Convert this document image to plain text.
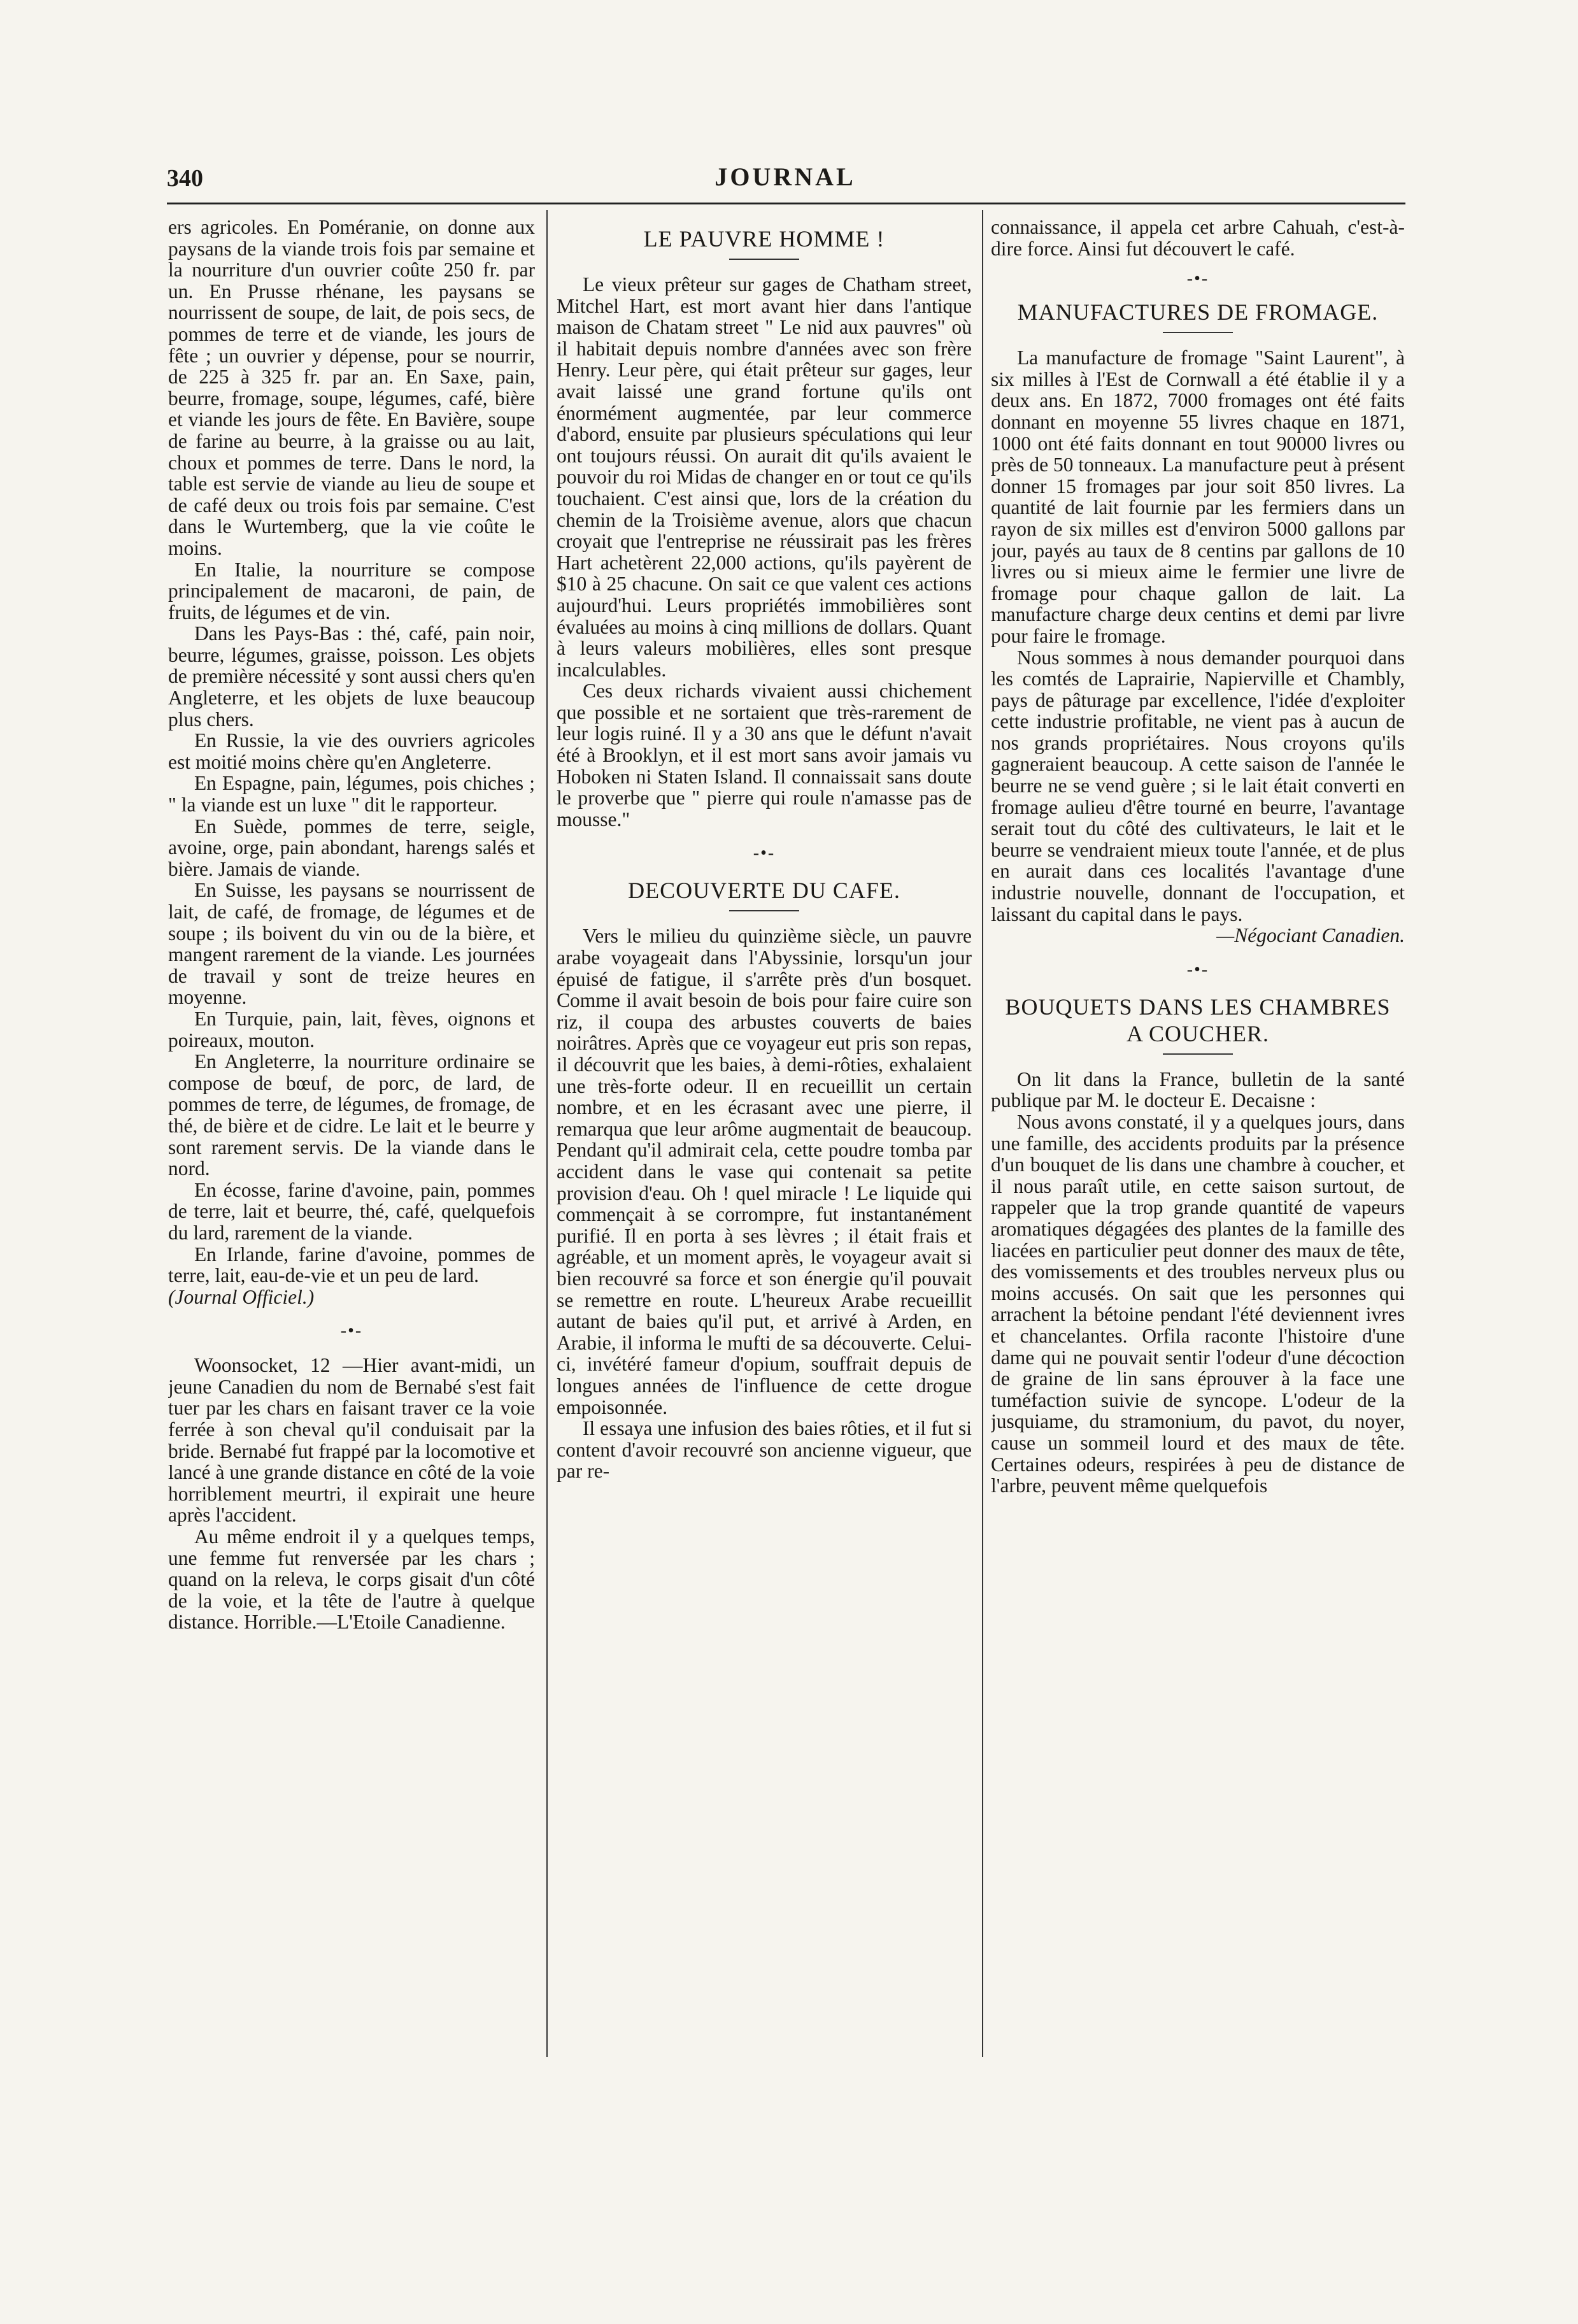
340	JOURNAL

ers agricoles. En Poméranie, on donne aux paysans de la viande trois fois par semaine et la nourriture d'un ouvrier coûte 250 fr. par un. En Prusse rhénane, les paysans se nourrissent de soupe, de lait, de pois secs, de pommes de terre et de viande, les jours de fête ; un ouvrier y dépense, pour se nourrir, de 225 à 325 fr. par an. En Saxe, pain, beurre, fromage, soupe, légumes, café, bière et viande les jours de fête. En Bavière, soupe de farine au beurre, à la graisse ou au lait, choux et pommes de terre. Dans le nord, la table est servie de viande au lieu de soupe et de café deux ou trois fois par semaine. C'est dans le Wurtemberg, que la vie coûte le moins.

En Italie, la nourriture se compose principalement de macaroni, de pain, de fruits, de légumes et de vin.

Dans les Pays-Bas : thé, café, pain noir, beurre, légumes, graisse, poisson. Les objets de première nécessité y sont aussi chers qu'en Angleterre, et les objets de luxe beaucoup plus chers.

En Russie, la vie des ouvriers agricoles est moitié moins chère qu'en Angleterre.

En Espagne, pain, légumes, pois chiches ; " la viande est un luxe " dit le rapporteur.

En Suède, pommes de terre, seigle, avoine, orge, pain abondant, harengs salés et bière. Jamais de viande.

En Suisse, les paysans se nourrissent de lait, de café, de fromage, de légumes et de soupe ; ils boivent du vin ou de la bière, et mangent rarement de la viande. Les journées de travail y sont de treize heures en moyenne.

En Turquie, pain, lait, fèves, oignons et poireaux, mouton.

En Angleterre, la nourriture ordinaire se compose de bœuf, de porc, de lard, de pommes de terre, de légumes, de fromage, de thé, de bière et de cidre. Le lait et le beurre y sont rarement servis. De la viande dans le nord.

En écosse, farine d'avoine, pain, pommes de terre, lait et beurre, thé, café, quelquefois du lard, rarement de la viande.

En Irlande, farine d'avoine, pommes de terre, lait, eau-de-vie et un peu de lard.

(Journal Officiel.)

-•-

Woonsocket, 12 —Hier avant-midi, un jeune Canadien du nom de Bernabé s'est fait tuer par les chars en faisant traver ce la voie ferrée à son cheval qu'il conduisait par la bride. Bernabé fut frappé par la locomotive et lancé à une grande distance en côté de la voie horriblement meurtri, il expirait une heure après l'accident.

Au même endroit il y a quelques temps, une femme fut renversée par les chars ; quand on la releva, le corps gisait d'un côté de la voie, et la tête de l'autre à quelque distance. Horrible.—L'Etoile Canadienne.

LE PAUVRE HOMME !

Le vieux prêteur sur gages de Chatham street, Mitchel Hart, est mort avant hier dans l'antique maison de Chatam street " Le nid aux pauvres" où il habitait depuis nombre d'années avec son frère Henry. Leur père, qui était prêteur sur gages, leur avait laissé une grand fortune qu'ils ont énormément augmentée, par leur commerce d'abord, ensuite par plusieurs spéculations qui leur ont toujours réussi. On aurait dit qu'ils avaient le pouvoir du roi Midas de changer en or tout ce qu'ils touchaient. C'est ainsi que, lors de la création du chemin de la Troisième avenue, alors que chacun croyait que l'entreprise ne réussirait pas les frères Hart achetèrent 22,000 actions, qu'ils payèrent de $10 à 25 chacune. On sait ce que valent ces actions aujourd'hui. Leurs propriétés immobilières sont évaluées au moins à cinq millions de dollars. Quant à leurs valeurs mobilières, elles sont presque incalculables.

Ces deux richards vivaient aussi chichement que possible et ne sortaient que très-rarement de leur logis ruiné. Il y a 30 ans que le défunt n'avait été à Brooklyn, et il est mort sans avoir jamais vu Hoboken ni Staten Island. Il connaissait sans doute le proverbe que " pierre qui roule n'amasse pas de mousse."

-•-
DECOUVERTE DU CAFE.

Vers le milieu du quinzième siècle, un pauvre arabe voyageait dans l'Abyssinie, lorsqu'un jour épuisé de fatigue, il s'arrête près d'un bosquet. Comme il avait besoin de bois pour faire cuire son riz, il coupa des arbustes couverts de baies noirâtres. Après que ce voyageur eut pris son repas, il découvrit que les baies, à demi-rôties, exhalaient une très-forte odeur. Il en recueillit un certain nombre, et en les écrasant avec une pierre, il remarqua que leur arôme augmentait de beaucoup. Pendant qu'il admirait cela, cette poudre tomba par accident dans le vase qui contenait sa petite provision d'eau. Oh ! quel miracle ! Le liquide qui commençait à se corrompre, fut instantanément purifié. Il en porta à ses lèvres ; il était frais et agréable, et un moment après, le voyageur avait si bien recouvré sa force et son énergie qu'il pouvait se remettre en route. L'heureux Arabe recueillit autant de baies qu'il put, et arrivé à Arden, en Arabie, il informa le mufti de sa découverte. Celui-ci, invétéré fameur d'opium, souffrait depuis de longues années de l'influence de cette drogue empoisonnée.

Il essaya une infusion des baies rôties, et il fut si content d'avoir recouvré son ancienne vigueur, que par re-

connaissance, il appela cet arbre Cahuah, c'est-à-dire force. Ainsi fut découvert le café.

-•-
MANUFACTURES DE FROMAGE.

La manufacture de fromage "Saint Laurent", à six milles à l'Est de Cornwall a été établie il y a deux ans. En 1872, 7000 fromages ont été faits donnant en moyenne 55 livres chaque en 1871, 1000 ont été faits donnant en tout 90000 livres ou près de 50 tonneaux. La manufacture peut à présent donner 15 fromages par jour soit 850 livres. La quantité de lait fournie par les fermiers dans un rayon de six milles est d'environ 5000 gallons par jour, payés au taux de 8 centins par gallons de 10 livres ou si mieux aime le fermier une livre de fromage pour chaque gallon de lait. La manufacture charge deux centins et demi par livre pour faire le fromage.

Nous sommes à nous demander pourquoi dans les comtés de Laprairie, Napierville et Chambly, pays de pâturage par excellence, l'idée d'exploiter cette industrie profitable, ne vient pas à aucun de nos grands propriétaires. Nous croyons qu'ils gagneraient beaucoup. A cette saison de l'année le beurre ne se vend guère ; si le lait était converti en fromage aulieu d'être tourné en beurre, l'avantage serait tout du côté des cultivateurs, le lait et le beurre se vendraient mieux toute l'année, et de plus en aurait dans ces localités l'avantage d'une industrie nouvelle, donnant de l'occupation, et laissant du capital dans le pays.

—Négociant Canadien.

-•-
BOUQUETS DANS LES CHAMBRES
A COUCHER.

On lit dans la France, bulletin de la santé publique par M. le docteur E. Decaisne :

Nous avons constaté, il y a quelques jours, dans une famille, des accidents produits par la présence d'un bouquet de lis dans une chambre à coucher, et il nous paraît utile, en cette saison surtout, de rappeler que la trop grande quantité de vapeurs aromatiques dégagées des plantes de la famille des liacées en particulier peut donner des maux de tête, des vomissements et des troubles nerveux plus ou moins accusés. On sait que les personnes qui arrachent la bétoine pendant l'été deviennent ivres et chancelantes. Orfila raconte l'histoire d'une dame qui ne pouvait sentir l'odeur d'une décoction de graine de lin sans éprouver à la face une tuméfaction suivie de syncope. L'odeur de la jusquiame, du stramonium, du pavot, du noyer, cause un sommeil lourd et des maux de tête. Certaines odeurs, respirées à peu de distance de l'arbre, peuvent même quelquefois
